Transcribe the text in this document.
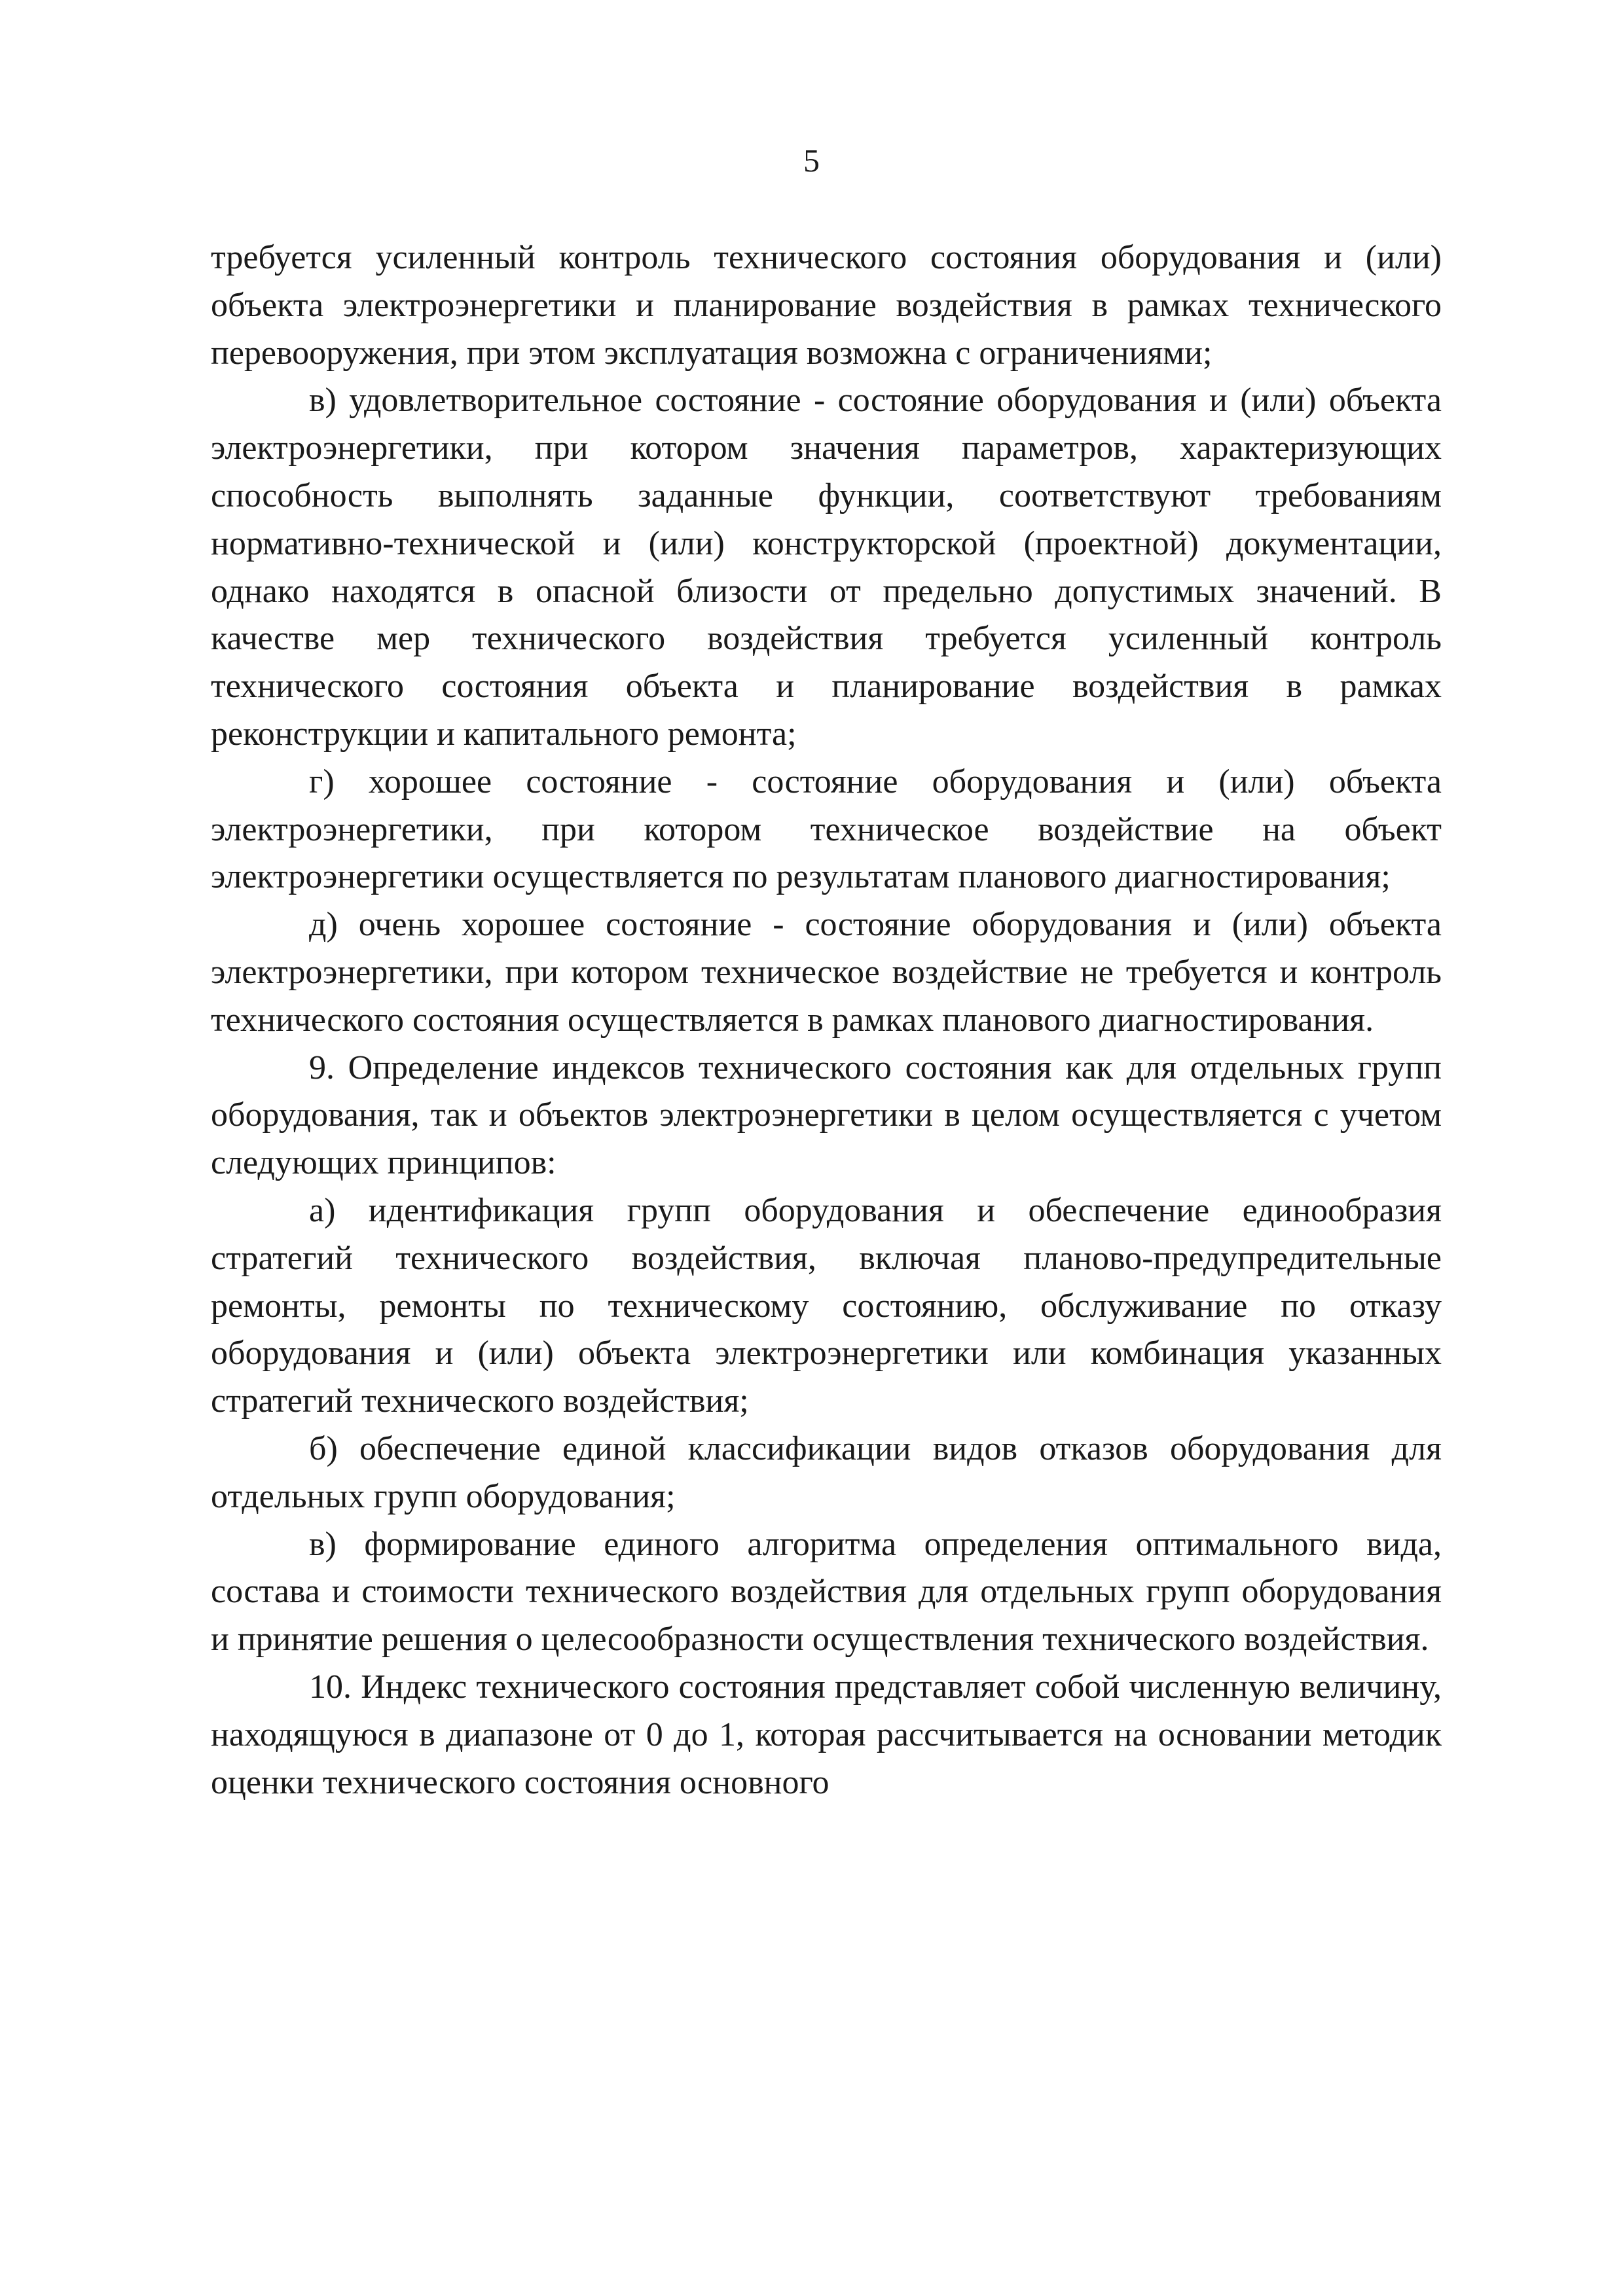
5

требуется усиленный контроль технического состояния оборудования и (или) объекта электроэнергетики и планирование воздействия в рамках технического перевооружения, при этом эксплуатация возможна с ограничениями;

в) удовлетворительное состояние - состояние оборудования и (или) объекта электроэнергетики, при котором значения параметров, характеризующих способность выполнять заданные функции, соответствуют требованиям нормативно-технической и (или) конструкторской (проектной) документации, однако находятся в опасной близости от предельно допустимых значений. В качестве мер технического воздействия требуется усиленный контроль технического состояния объекта и планирование воздействия в рамках реконструкции и капитального ремонта;

г) хорошее состояние - состояние оборудования и (или) объекта электроэнергетики, при котором техническое воздействие на объект электроэнергетики осуществляется по результатам планового диагностирования;

д) очень хорошее состояние - состояние оборудования и (или) объекта электроэнергетики, при котором техническое воздействие не требуется и контроль технического состояния осуществляется в рамках планового диагностирования.

9. Определение индексов технического состояния как для отдельных групп оборудования, так и объектов электроэнергетики в целом осуществляется с учетом следующих принципов:

а) идентификация групп оборудования и обеспечение единообразия стратегий технического воздействия, включая планово-предупредительные ремонты, ремонты по техническому состоянию, обслуживание по отказу оборудования и (или) объекта электроэнергетики или комбинация указанных стратегий технического воздействия;

б) обеспечение единой классификации видов отказов оборудования для отдельных групп оборудования;

в) формирование единого алгоритма определения оптимального вида, состава и стоимости технического воздействия для отдельных групп оборудования и принятие решения о целесообразности осуществления технического воздействия.

10. Индекс технического состояния представляет собой численную величину, находящуюся в диапазоне от 0 до 1, которая рассчитывается на основании методик оценки технического состояния основного
